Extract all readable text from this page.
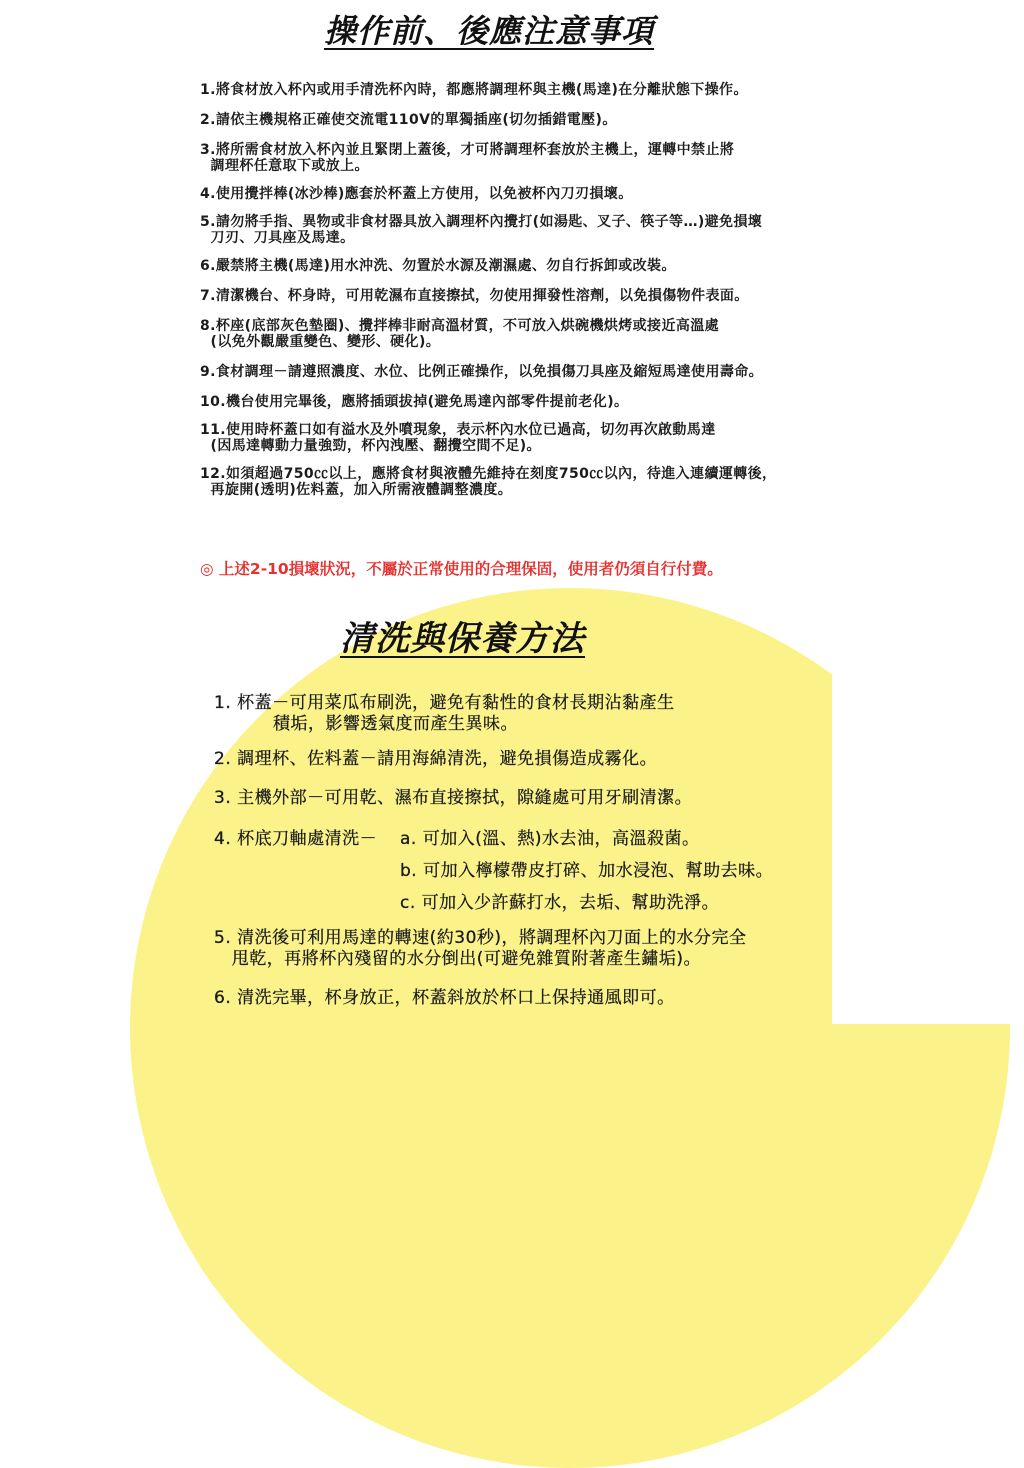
操作前、後應注意事項
1.將食材放入杯內或用手清洗杯內時，都應將調理杯與主機(馬達)在分離狀態下操作。
2.請依主機規格正確使交流電110V的單獨插座(切勿插錯電壓)。
3.將所需食材放入杯內並且緊閉上蓋後，才可將調理杯套放於主機上，運轉中禁止將
調理杯任意取下或放上。
4.使用攪拌棒(冰沙棒)應套於杯蓋上方使用，以免被杯內刀刃損壞。
5.請勿將手指、異物或非食材器具放入調理杯內攪打(如湯匙、叉子、筷子等…)避免損壞
刀刃、刀具座及馬達。
6.嚴禁將主機(馬達)用水沖洗、勿置於水源及潮濕處、勿自行拆卸或改裝。
7.清潔機台、杯身時，可用乾濕布直接擦拭，勿使用揮發性溶劑，以免損傷物件表面。
8.杯座(底部灰色墊圈)、攪拌棒非耐高溫材質，不可放入烘碗機烘烤或接近高溫處
(以免外觀嚴重變色、變形、硬化)。
9.食材調理－請遵照濃度、水位、比例正確操作，以免損傷刀具座及縮短馬達使用壽命。
10.機台使用完畢後，應將插頭拔掉(避免馬達內部零件提前老化)。
11.使用時杯蓋口如有溢水及外噴現象，表示杯內水位已過高，切勿再次啟動馬達
(因馬達轉動力量強勁，杯內洩壓、翻攪空間不足)。
12.如須超過750㏄以上，應將食材與液體先維持在刻度750㏄以內，待進入連續運轉後，
再旋開(透明)佐料蓋，加入所需液體調整濃度。

◎ 上述2-10損壞狀況，不屬於正常使用的合理保固，使用者仍須自行付費。

清洗與保養方法
1. 杯蓋－可用菜瓜布刷洗，避免有黏性的食材長期沾黏產生
積垢，影響透氣度而產生異味。
2. 調理杯、佐料蓋－請用海綿清洗，避免損傷造成霧化。
3. 主機外部－可用乾、濕布直接擦拭，隙縫處可用牙刷清潔。
4. 杯底刀軸處清洗－	a. 可加入(溫、熱)水去油，高溫殺菌。
b. 可加入檸檬帶皮打碎、加水浸泡、幫助去味。
c. 可加入少許蘇打水，去垢、幫助洗淨。
5. 清洗後可利用馬達的轉速(約30秒)，將調理杯內刀面上的水分完全
甩乾，再將杯內殘留的水分倒出(可避免雜質附著產生鏽垢)。
6. 清洗完畢，杯身放正，杯蓋斜放於杯口上保持通風即可。
